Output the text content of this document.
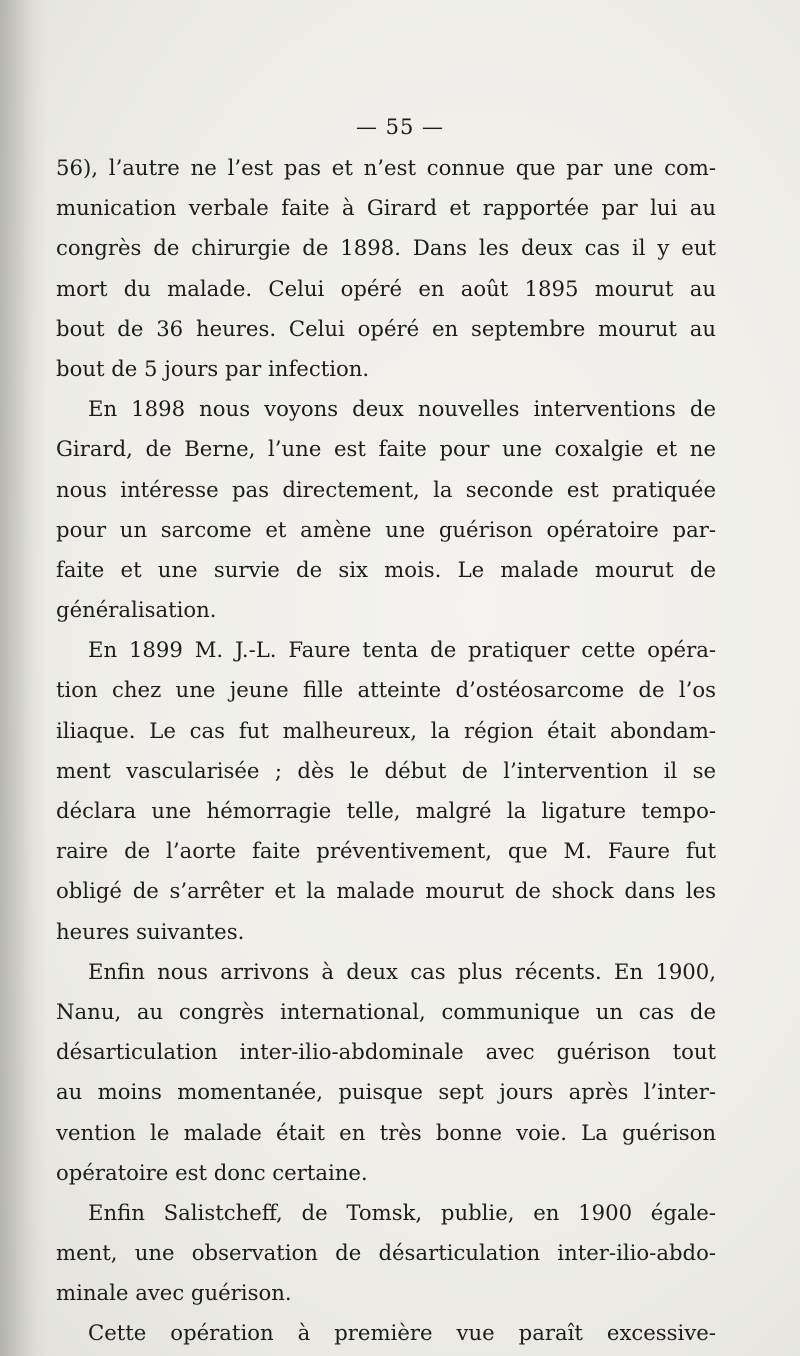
— 55 —
56), l’autre ne l’est pas et n’est connue que par une com-
munication verbale faite à Girard et rapportée par lui au
congrès de chirurgie de 1898. Dans les deux cas il y eut
mort du malade. Celui opéré en août 1895 mourut au
bout de 36 heures. Celui opéré en septembre mourut au
bout de 5 jours par infection.
En 1898 nous voyons deux nouvelles interventions de
Girard, de Berne, l’une est faite pour une coxalgie et ne
nous intéresse pas directement, la seconde est pratiquée
pour un sarcome et amène une guérison opératoire par-
faite et une survie de six mois. Le malade mourut de
généralisation.
En 1899 M. J.-L. Faure tenta de pratiquer cette opéra-
tion chez une jeune fille atteinte d’ostéosarcome de l’os
iliaque. Le cas fut malheureux, la région était abondam-
ment vascularisée ; dès le début de l’intervention il se
déclara une hémorragie telle, malgré la ligature tempo-
raire de l’aorte faite préventivement, que M. Faure fut
obligé de s’arrêter et la malade mourut de shock dans les
heures suivantes.
Enfin nous arrivons à deux cas plus récents. En 1900,
Nanu, au congrès international, communique un cas de
désarticulation inter-ilio-abdominale avec guérison tout
au moins momentanée, puisque sept jours après l’inter-
vention le malade était en très bonne voie. La guérison
opératoire est donc certaine.
Enfin Salistcheff, de Tomsk, publie, en 1900 égale-
ment, une observation de désarticulation inter-ilio-abdo-
minale avec guérison.
Cette opération à première vue paraît excessive-
